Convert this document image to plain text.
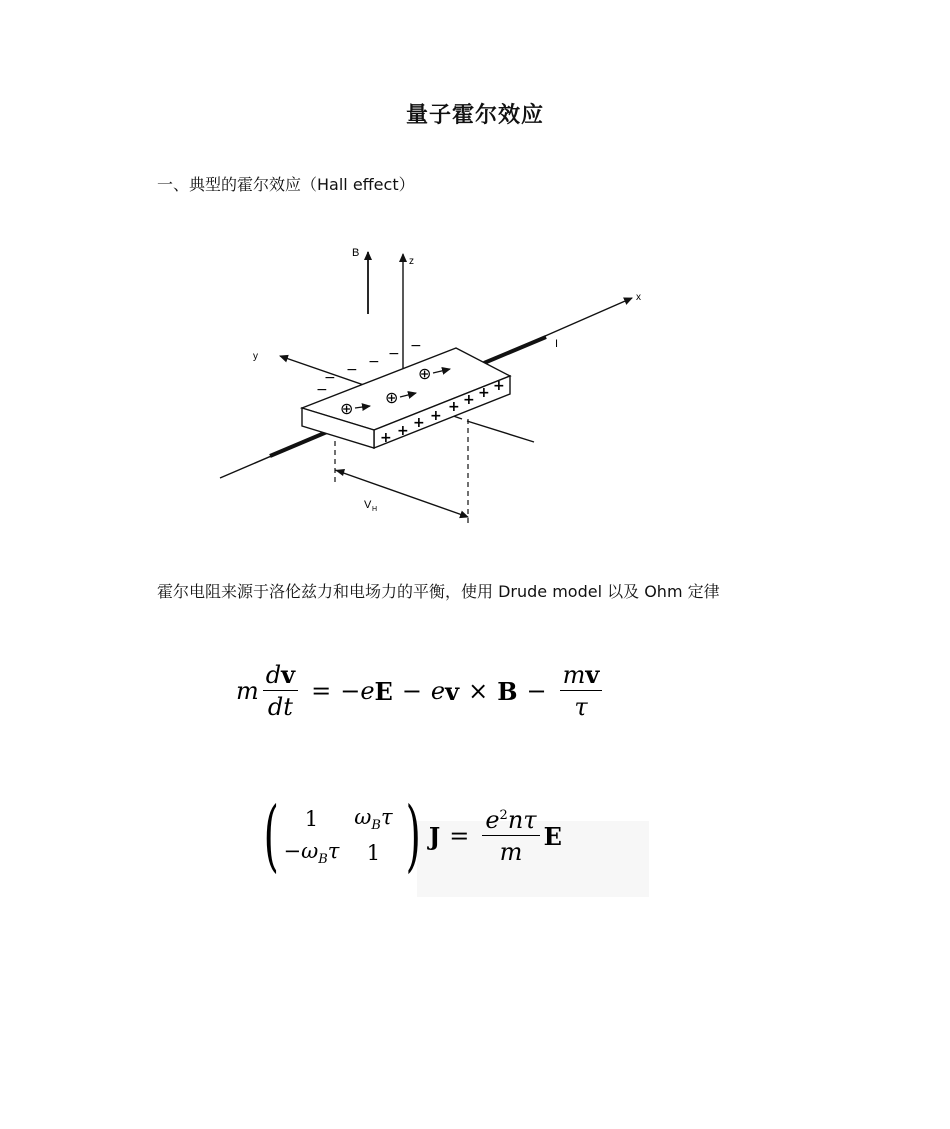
量子霍尔效应
一、典型的霍尔效应（Hall effect）
⊕
⊕
⊕
−
− − − − −
+ + + +
+ + + +
B
z
x
y
I
V H
霍尔电阻来源于洛伦兹力和电场力的平衡，使用 Drude model 以及 Ohm 定律
m $\frac{dv}{dt}$ = − e E − e $v \times B - \frac{mv}{\tau}$
( 1 $\omega_B\tau$
$-\omega_B\tau$ 1 ) $J = \frac{e^2n\tau}{m}$ E
